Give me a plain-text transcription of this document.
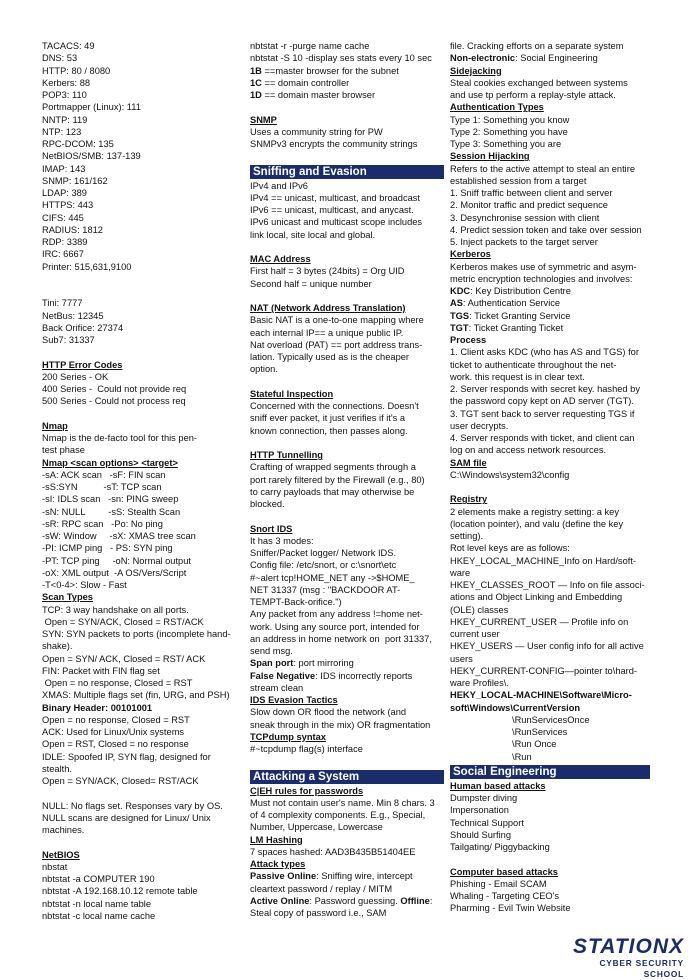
TACACS: 49
DNS: 53
HTTP: 80 / 8080
Kerbers: 88
POP3: 110
Portmapper (Linux): 111
NNTP: 119
NTP: 123
RPC-DCOM: 135
NetBIOS/SMB: 137-139
IMAP: 143
SNMP: 161/162
LDAP: 389
HTTPS: 443
CIFS: 445
RADIUS: 1812
RDP: 3389
IRC: 6667
Printer: 515,631,9100
Tini: 7777
NetBus: 12345
Back Orifice: 27374
Sub7: 31337
HTTP Error Codes
200 Series - OK
400 Series -  Could not provide req
500 Series - Could not process req
Nmap
Nmap is the de-facto tool for this pen-
test phase
Nmap <scan options> <target>
-sA: ACK scan   -sF: FIN scan
-sS:SYN          -sT: TCP scan
-sI: IDLS scan   -sn: PING sweep
-sN: NULL         -sS: Stealth Scan
-sR: RPC scan   -Po: No ping
-sW: Window     -sX: XMAS tree scan
-PI: ICMP ping   - PS: SYN ping
-PT: TCP ping     -oN: Normal output
-oX: XML output  -A OS/Vers/Script
-T<0-4>: Slow - Fast
Scan Types
TCP: 3 way handshake on all ports.
Open = SYN/ACK, Closed = RST/ACK
SYN: SYN packets to ports (incomplete hand-
shake).
Open = SYN/ ACK, Closed = RST/ ACK
FIN: Packet with FIN flag set
Open = no response, Closed = RST
XMAS: Multiple flags set (fin, URG, and PSH)
Binary Header: 00101001
Open = no response, Closed = RST
ACK: Used for Linux/Unix systems
Open = RST, Closed = no response
IDLE: Spoofed IP, SYN flag, designed for
stealth.
Open = SYN/ACK, Closed= RST/ACK
NULL: No flags set. Responses vary by OS.
NULL scans are designed for Linux/ Unix
machines.
NetBIOS
nbstat
nbtstat -a COMPUTER 190
nbtstat -A 192.168.10.12 remote table
nbtstat -n local name table
nbtstat -c local name cache
nbtstat -r -purge name cache
nbtstat -S 10 -display ses stats every 10 sec
1B ==master browser for the subnet
1C == domain controller
1D == domain master browser
SNMP
Uses a community string for PW
SNMPv3 encrypts the community strings
Sniffing and Evasion
IPv4 and IPv6
IPv4 == unicast, multicast, and broadcast
IPv6 == unicast, multicast, and anycast.
IPv6 unicast and multicast scope includes
link local, site local and global.
MAC Address
First half = 3 bytes (24bits) = Org UID
Second half = unique number
NAT (Network Address Translation)
Basic NAT is a one-to-one mapping where
each internal IP== a unique public IP.
Nat overload (PAT) == port address trans-
lation. Typically used as is the cheaper
option.
Stateful Inspection
Concerned with the connections. Doesn't
sniff ever packet, it just verifies if it's a
known connection, then passes along.
HTTP Tunnelling
Crafting of wrapped segments through a
port rarely filtered by the Firewall (e.g., 80)
to carry payloads that may otherwise be
blocked.
Snort IDS
It has 3 modes:
Sniffer/Packet logger/ Network IDS.
Config file: /etc/snort, or c:\snort\etc
#~alert tcp!HOME_NET any ->$HOME_
NET 31337 (msg : "BACKDOOR AT-
TEMPT-Back-orifice.")
Any packet from any address !=home net-
work. Using any source port, intended for
an address in home network on  port 31337,
send msg.
Span port: port mirroring
False Negative: IDS incorrectly reports
stream clean
IDS Evasion Tactics
Slow down OR flood the network (and
sneak through in the mix) OR fragmentation
TCPdump syntax
#~tcpdump flag(s) interface
Attacking a System
C|EH rules for passwords
Must not contain user's name. Min 8 chars. 3
of 4 complexity components. E.g., Special,
Number, Uppercase, Lowercase
LM Hashing
7 spaces hashed: AAD3B435B51404EE
Attack types
Passive Online: Sniffing wire, intercept
cleartext password / replay / MITM
Active Online: Password guessing. Offline:
Steal copy of password i.e., SAM
file. Cracking efforts on a separate system
Non-electronic: Social Engineering
Sidejacking
Steal cookies exchanged between systems
and use tp perform a replay-style attack.
Authentication Types
Type 1: Something you know
Type 2: Something you have
Type 3: Something you are
Session Hijacking
Refers to the active attempt to steal an entire
established session from a target
1. Sniff traffic between client and server
2. Monitor traffic and predict sequence
3. Desynchronise session with client
4. Predict session token and take over session
5. Inject packets to the target server
Kerberos
Kerberos makes use of symmetric and asym-
metric encryption technologies and involves:
KDC: Key Distribution Centre
AS: Authentication Service
TGS: Ticket Granting Service
TGT: Ticket Granting Ticket
Process
1. Client asks KDC (who has AS and TGS) for
ticket to authenticate throughout the net-
work. this request is in clear text.
2. Server responds with secret key. hashed by
the password copy kept on AD server (TGT).
3. TGT sent back to server requesting TGS if
user decrypts.
4. Server responds with ticket, and client can
log on and access network resources.
SAM file
C:\Windows\system32\config
Registry
2 elements make a registry setting: a key
(location pointer), and valu (define the key
setting).
Rot level keys are as follows:
HKEY_LOCAL_MACHINE_Info on Hard/soft-
ware
HKEY_CLASSES_ROOT — Info on file associ-
ations and Object Linking and Embedding
(OLE) classes
HKEY_CURRENT_USER — Profile info on
current user
HKEY_USERS — User config info for all active
users
HEKY_CURRENT-CONFIG—pointer to\hard-
ware Profiles\.
HEKY_LOCAL-MACHINE\Software\Micro-
soft\Windows\CurrentVersion
\RunServicesOnce
\RunServices
\Run Once
\Run
Social Engineering
Human based attacks
Dumpster diving
Impersonation
Technical Support
Should Surfing
Tailgating/ Piggybacking
Computer based attacks
Phishing - Email SCAM
Whaling - Targeting CEO's
Pharming - Evil Twin Website
STATIONX
CYBER SECURITY SCHOOL
